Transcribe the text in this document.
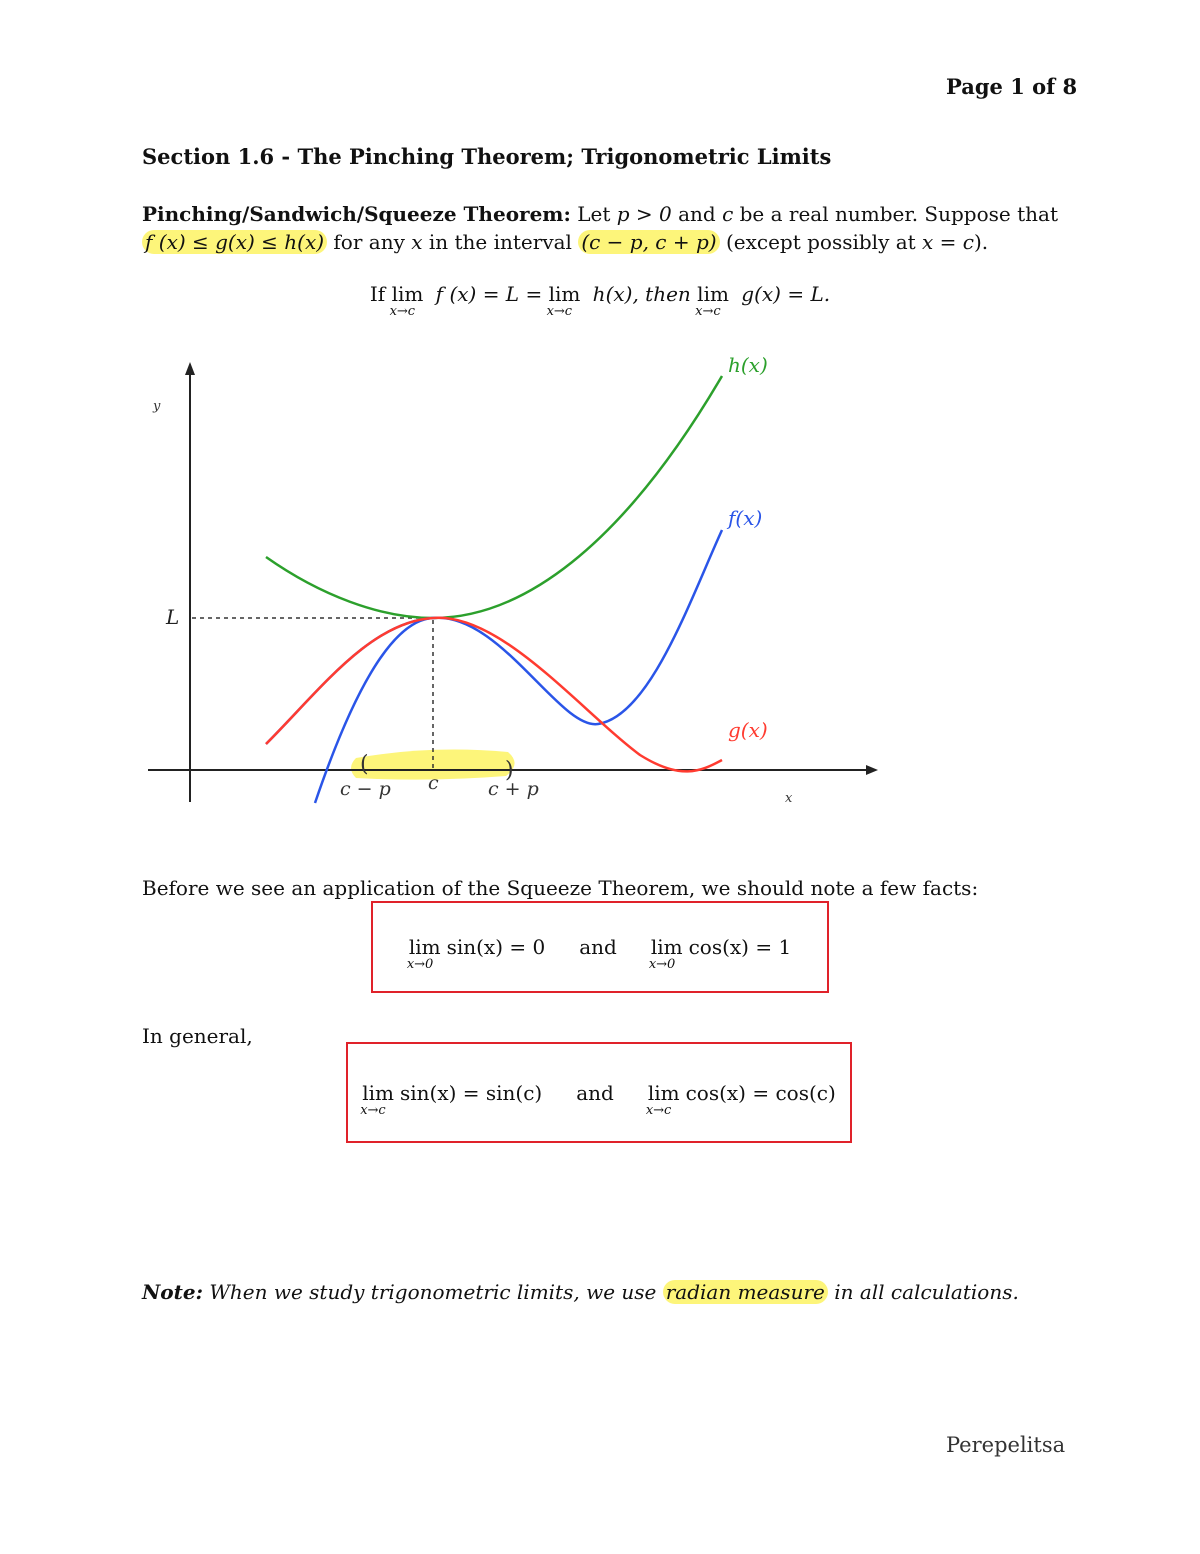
Page 1 of 8
Section 1.6 - The Pinching Theorem; Trigonometric Limits
Pinching/Sandwich/Squeeze Theorem: Let p > 0 and c be a real number. Suppose that
f (x) ≤ g(x) ≤ h(x) for any x in the interval (c − p, c + p) (except possibly at x = c).
If lim
x→c
f (x) = L = lim
x→c
h(x), then lim
x→c
g(x) = L.
y
x
L
h(x)
f(x)
g(x)
(	)
c − p c	c + p
Before we see an application of the Squeeze Theorem, we should note a few facts:
lim
x→0
sin(x) = 0 and lim
x→0
cos(x) = 1
In general,
lim
x→c
sin(x) = sin(c) and lim
x→c
cos(x) = cos(c)
Note: When we study trigonometric limits, we use radian measure in all calculations.
Perepelitsa
